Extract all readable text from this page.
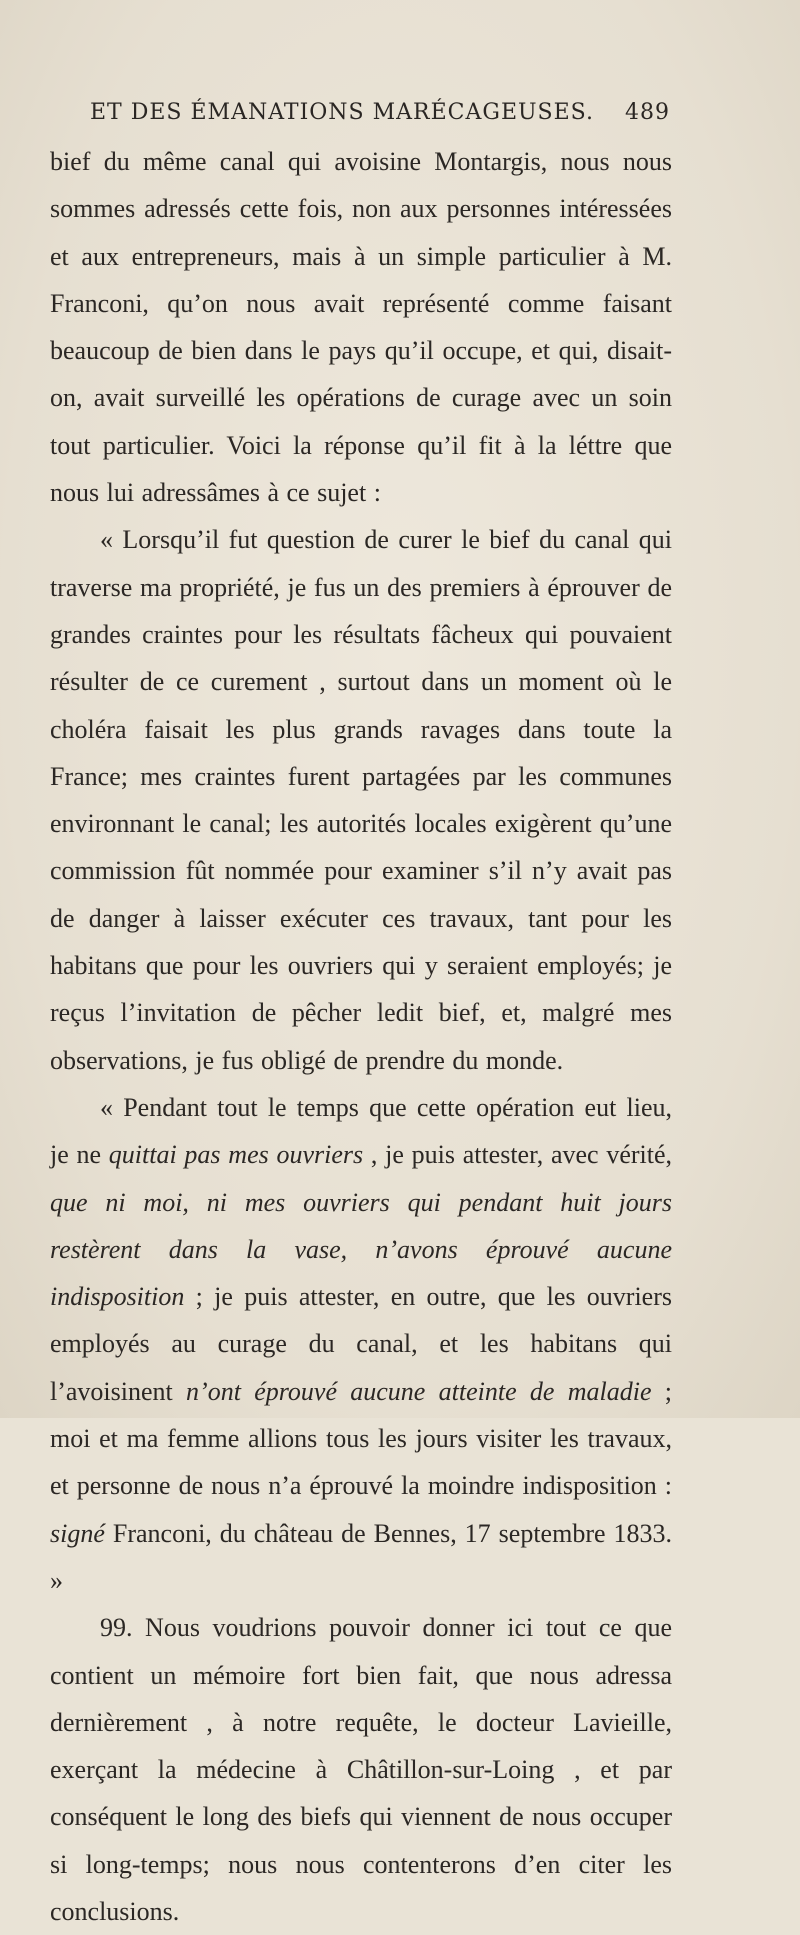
ET DES ÉMANATIONS MARÉCAGEUSES. 489

bief du même canal qui avoisine Montargis, nous nous sommes adressés cette fois, non aux personnes intéressées et aux entrepreneurs, mais à un simple particulier à M. Franconi, qu’on nous avait représenté comme faisant beaucoup de bien dans le pays qu’il occupe, et qui, disait-on, avait surveillé les opérations de curage avec un soin tout particulier. Voici la réponse qu’il fit à la léttre que nous lui adressâmes à ce sujet :

« Lorsqu’il fut question de curer le bief du canal qui traverse ma propriété, je fus un des premiers à éprouver de grandes craintes pour les résultats fâcheux qui pouvaient résulter de ce curement , surtout dans un moment où le choléra faisait les plus grands ravages dans toute la France; mes craintes furent partagées par les communes environnant le canal; les autorités locales exigèrent qu’une commission fût nommée pour examiner s’il n’y avait pas de danger à laisser exécuter ces travaux, tant pour les habitans que pour les ouvriers qui y seraient employés; je reçus l’invitation de pêcher ledit bief, et, malgré mes observations, je fus obligé de prendre du monde.

« Pendant tout le temps que cette opération eut lieu, je ne quittai pas mes ouvriers , je puis attester, avec vérité, que ni moi, ni mes ouvriers qui pendant huit jours restèrent dans la vase, n’avons éprouvé aucune indisposition ; je puis attester, en outre, que les ouvriers employés au curage du canal, et les habitans qui l’avoisinent n’ont éprouvé aucune atteinte de maladie ; moi et ma femme allions tous les jours visiter les travaux, et personne de nous n’a éprouvé la moindre indisposition : signé Franconi, du château de Bennes, 17 septembre 1833. »

99. Nous voudrions pouvoir donner ici tout ce que contient un mémoire fort bien fait, que nous adressa dernièrement , à notre requête, le docteur Lavieille, exerçant la médecine à Châtillon-sur-Loing , et par conséquent le long des biefs qui viennent de nous occuper si long-temps; nous nous contenterons d’en citer les conclusions.
